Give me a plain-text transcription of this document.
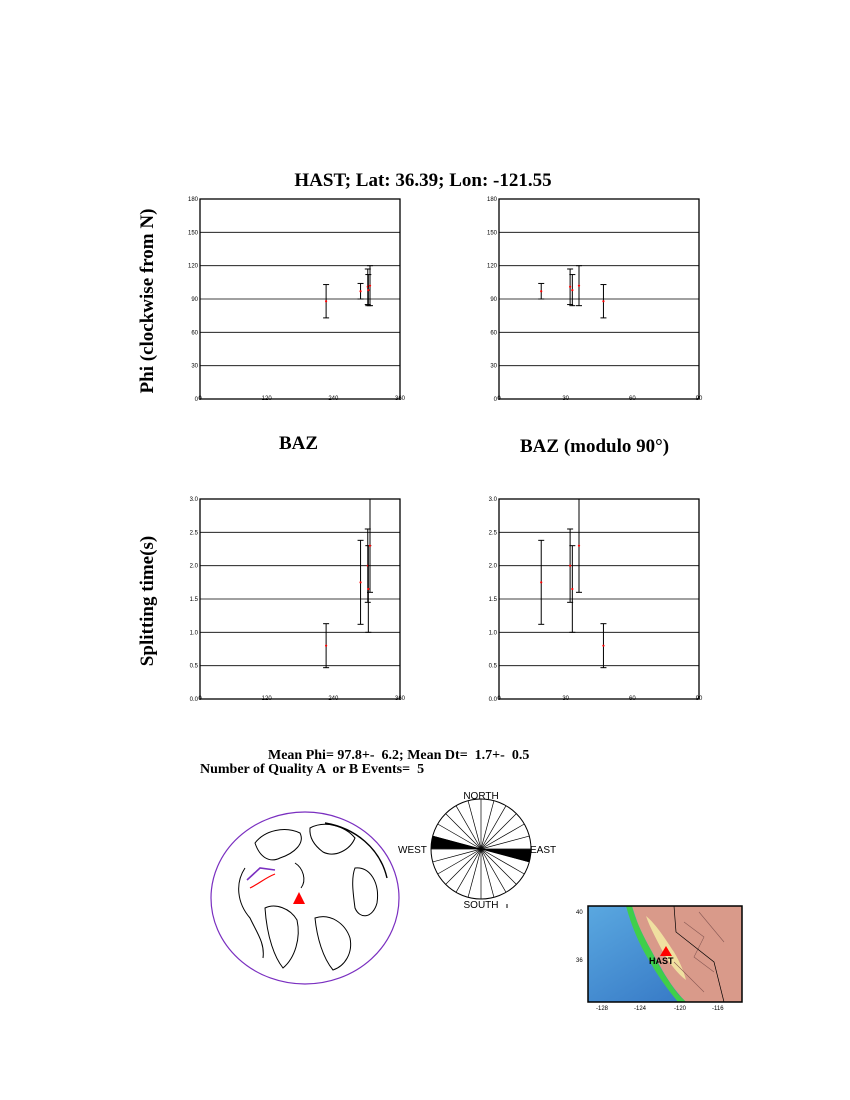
HAST; Lat: 36.39; Lon: -121.55
Phi (clockwise from N)
Splitting time(s)
BAZ	BAZ (modulo 90°)
0
30
60
90
120
150
180
0	120	240	360	0
30
60
90
120
150
180
0	30	60	90
0.0
0.5
1.0
1.5
2.0
2.5
3.0
0	120	240	360	0.0
0.5
1.0
1.5
2.0
2.5
3.0
0	30	60	90
Mean Phi= 97.8+-  6.2; Mean Dt=  1.7+-  0.5
Number of Quality A  or B Events=  5
NORTH
SOUTH
WEST	EAST
HAST
40
36
-128	-124	-120	-116
